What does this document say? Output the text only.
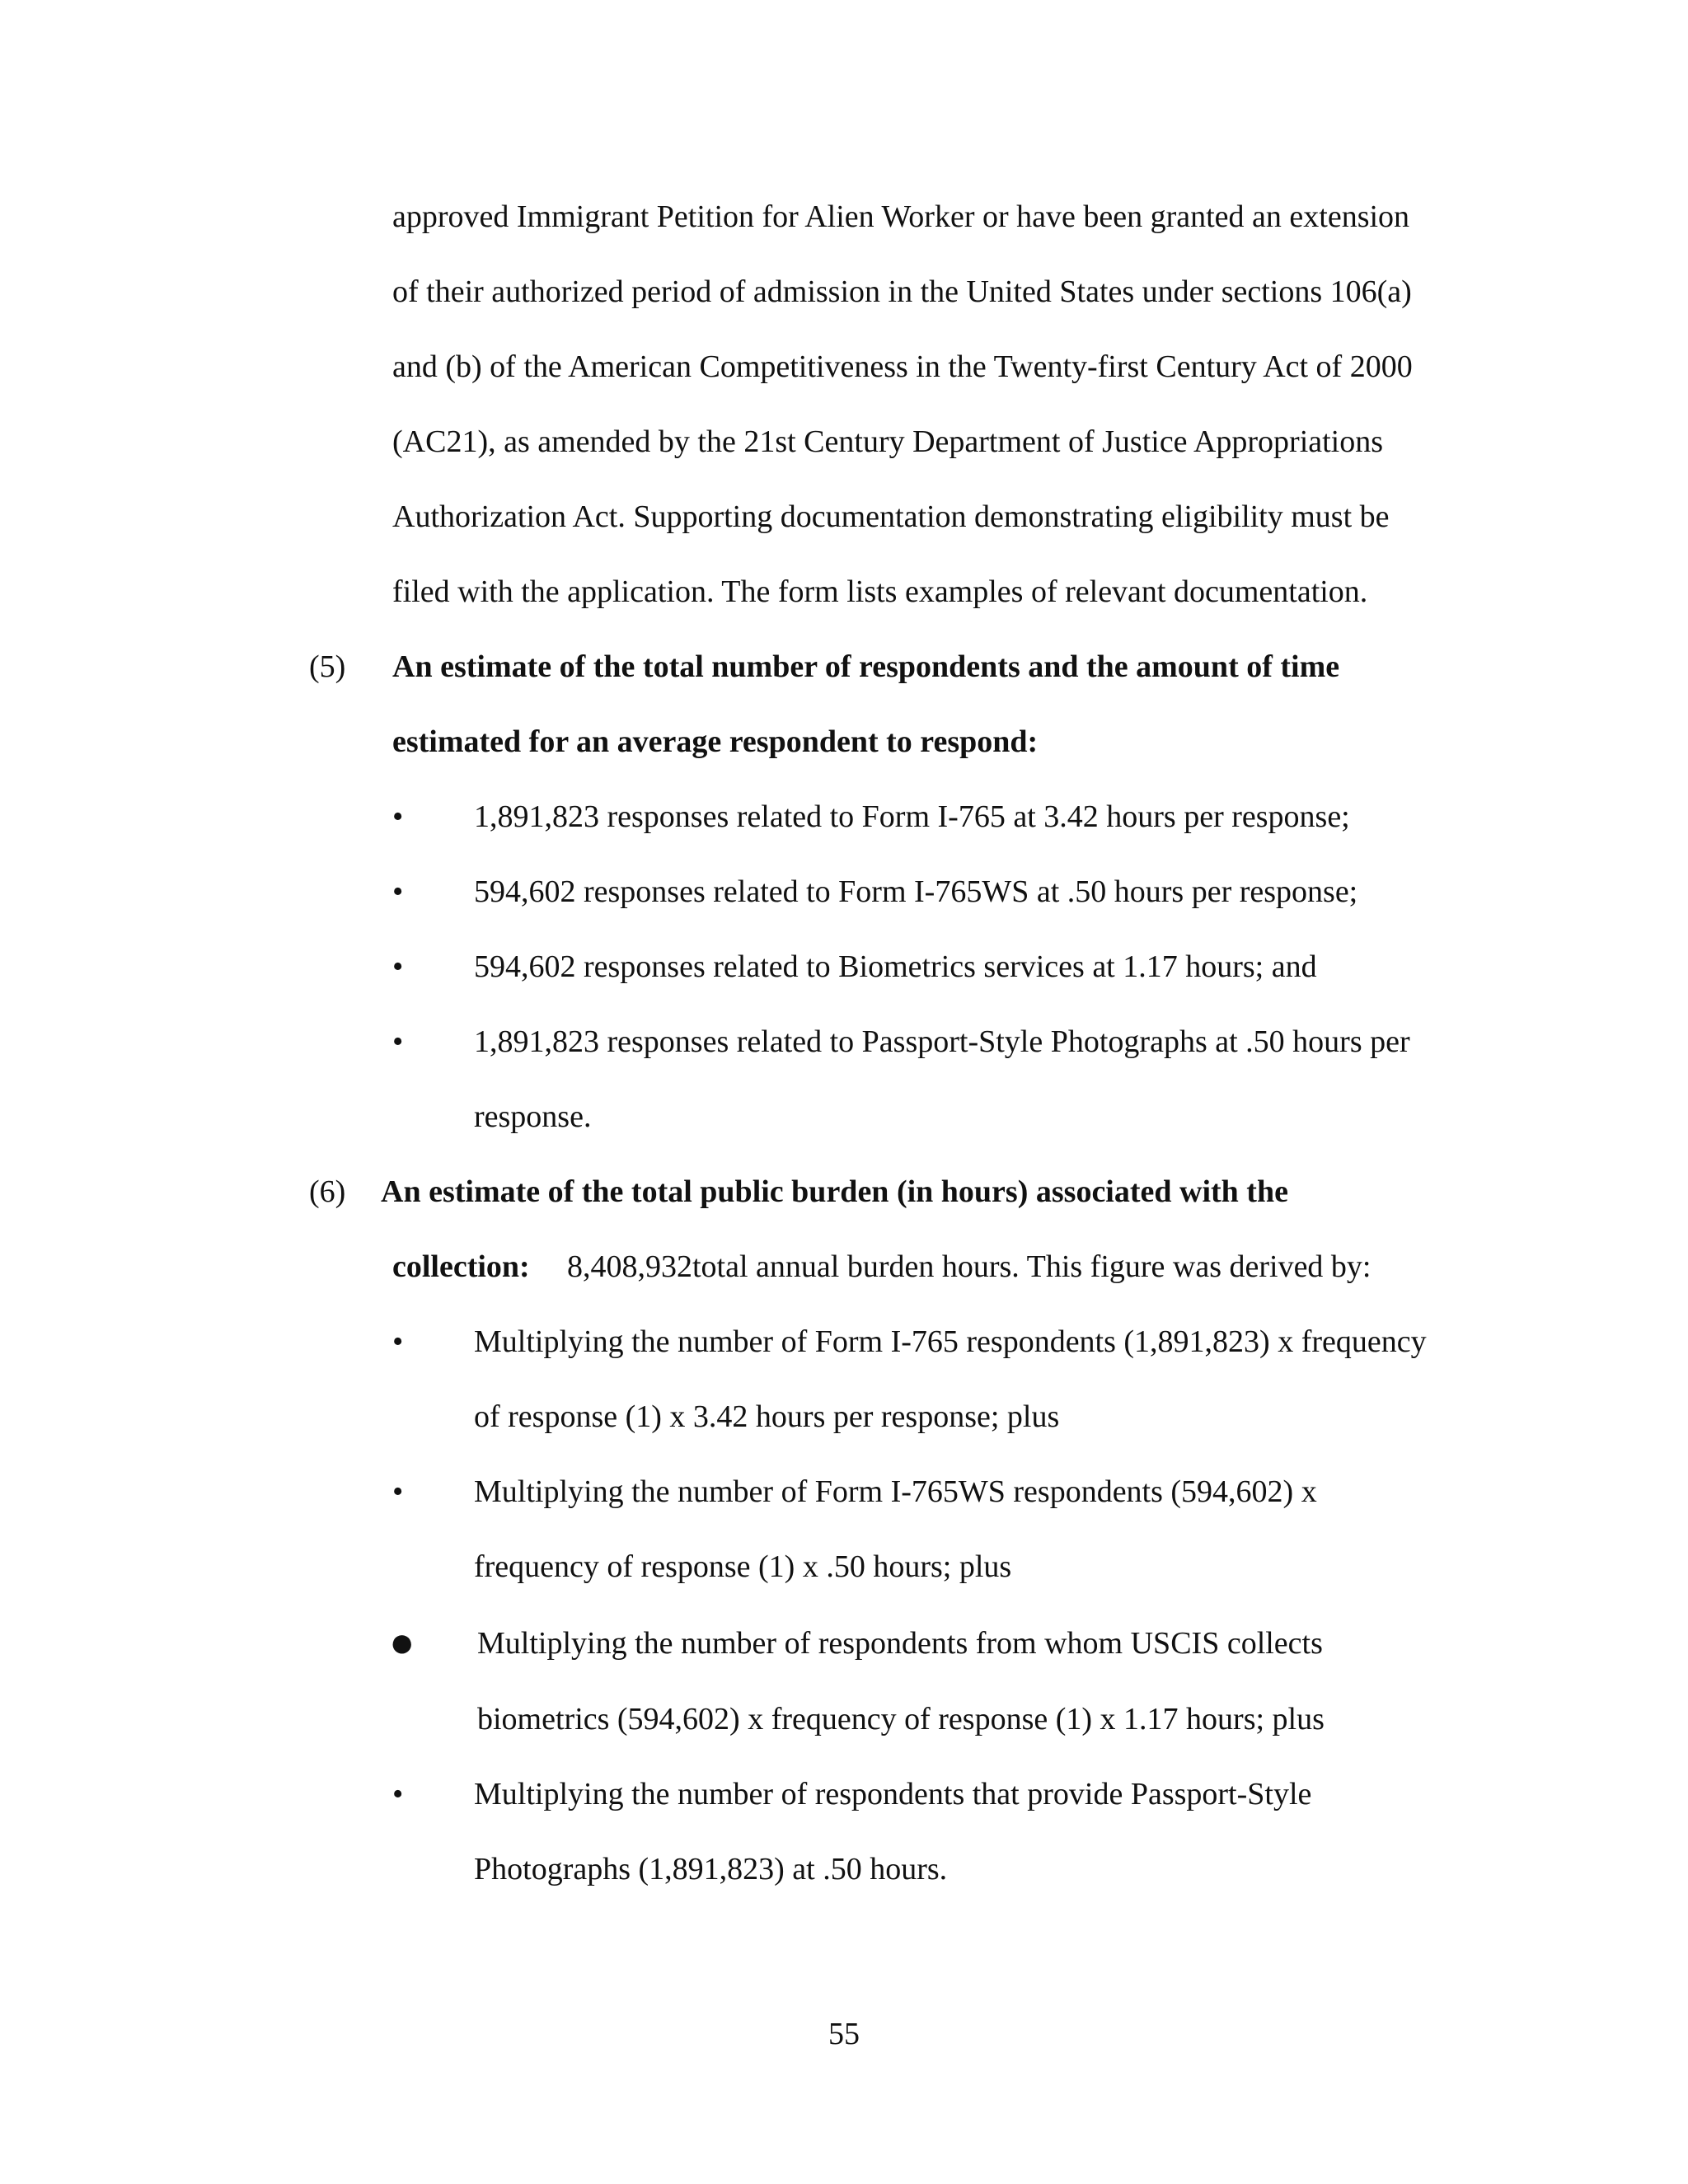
approved Immigrant Petition for Alien Worker or have been granted an extension
of their authorized period of admission in the United States under sections 106(a)
and (b) of the American Competitiveness in the Twenty-first Century Act of 2000
(AC21), as amended by the 21st Century Department of Justice Appropriations
Authorization Act. Supporting documentation demonstrating eligibility must be
filed with the application. The form lists examples of relevant documentation.
(5) An estimate of the total number of respondents and the amount of time
estimated for an average respondent to respond:
• 1,891,823 responses related to Form I-765 at 3.42 hours per response;
• 594,602 responses related to Form I-765WS at .50 hours per response;
• 594,602 responses related to Biometrics services at 1.17 hours; and
• 1,891,823 responses related to Passport-Style Photographs at .50 hours per
response.
(6) An estimate of the total public burden (in hours) associated with the
collection: 8,408,932total annual burden hours. This figure was derived by:
• Multiplying the number of Form I-765 respondents (1,891,823) x frequency
of response (1) x 3.42 hours per response; plus
• Multiplying the number of Form I-765WS respondents (594,602) x
frequency of response (1) x .50 hours; plus
● Multiplying the number of respondents from whom USCIS collects
biometrics (594,602) x frequency of response (1) x 1.17 hours; plus
• Multiplying the number of respondents that provide Passport-Style
Photographs (1,891,823) at .50 hours.
55
